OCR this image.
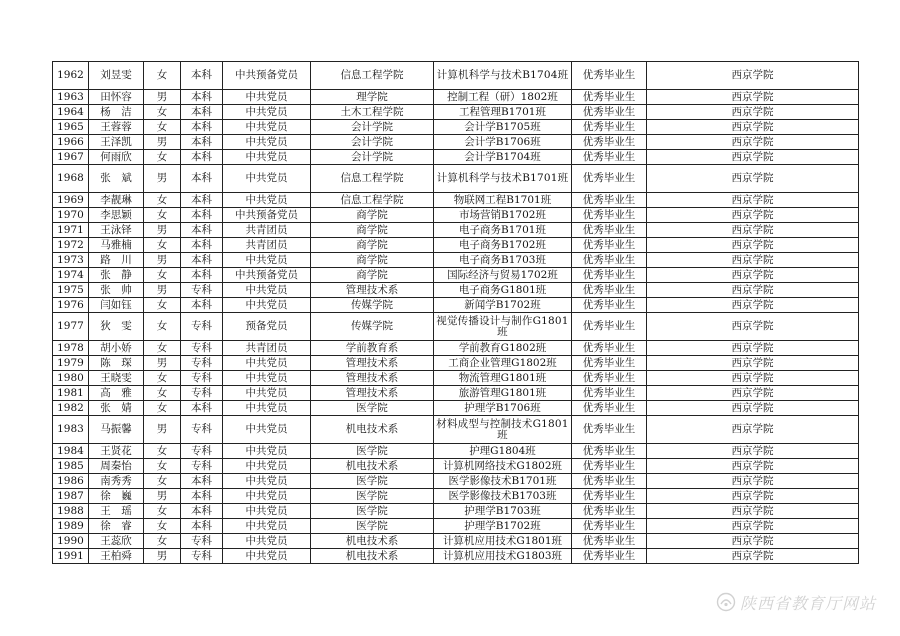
1962	刘昱雯	女	本科	中共预备党员	信息工程学院	计算机科学与技术B1704班	优秀毕业生	西京学院
1963	田怀容	男	本科	中共党员	理学院	控制工程（研）1802班	优秀毕业生	西京学院
1964	杨　洁	女	本科	中共党员	土木工程学院	工程管理B1701班	优秀毕业生	西京学院
1965	王蓉蓉	女	本科	中共党员	会计学院	会计学B1705班	优秀毕业生	西京学院
1966	王泽凯	男	本科	中共党员	会计学院	会计学B1706班	优秀毕业生	西京学院
1967	何雨欣	女	本科	中共党员	会计学院	会计学B1704班	优秀毕业生	西京学院
1968	张　斌	男	本科	中共党员	信息工程学院	计算机科学与技术B1701班	优秀毕业生	西京学院
1969	李靓琳	女	本科	中共党员	信息工程学院	物联网工程B1701班	优秀毕业生	西京学院
1970	李思颖	女	本科	中共预备党员	商学院	市场营销B1702班	优秀毕业生	西京学院
1971	王泳铎	男	本科	共青团员	商学院	电子商务B1701班	优秀毕业生	西京学院
1972	马雅楠	女	本科	共青团员	商学院	电子商务B1702班	优秀毕业生	西京学院
1973	路　川	男	本科	中共党员	商学院	电子商务B1703班	优秀毕业生	西京学院
1974	张　静	女	本科	中共预备党员	商学院	国际经济与贸易1702班	优秀毕业生	西京学院
1975	张　帅	男	专科	中共党员	管理技术系	电子商务G1801班	优秀毕业生	西京学院
1976	闫如钰	女	本科	中共党员	传媒学院	新闻学B1702班	优秀毕业生	西京学院
1977	狄　雯	女	专科	预备党员	传媒学院	视觉传播设计与制作G1801班	优秀毕业生	西京学院
1978	胡小娇	女	专科	共青团员	学前教育系	学前教育G1802班	优秀毕业生	西京学院
1979	陈　琛	男	专科	中共党员	管理技术系	工商企业管理G1802班	优秀毕业生	西京学院
1980	王晓雯	女	专科	中共党员	管理技术系	物流管理G1801班	优秀毕业生	西京学院
1981	高　雅	女	专科	中共党员	管理技术系	旅游管理G1801班	优秀毕业生	西京学院
1982	张　婧	女	本科	中共党员	医学院	护理学B1706班	优秀毕业生	西京学院
1983	马振馨	男	专科	中共党员	机电技术系	材料成型与控制技术G1801班	优秀毕业生	西京学院
1984	王贤花	女	专科	中共党员	医学院	护理G1804班	优秀毕业生	西京学院
1985	周秦怡	女	专科	中共党员	机电技术系	计算机网络技术G1802班	优秀毕业生	西京学院
1986	南秀秀	女	本科	中共党员	医学院	医学影像技术B1701班	优秀毕业生	西京学院
1987	徐　巍	男	本科	中共党员	医学院	医学影像技术B1703班	优秀毕业生	西京学院
1988	王　瑶	女	本科	中共党员	医学院	护理学B1703班	优秀毕业生	西京学院
1989	徐　睿	女	本科	中共党员	医学院	护理学B1702班	优秀毕业生	西京学院
1990	王蕊欣	女	专科	中共党员	机电技术系	计算机应用技术G1801班	优秀毕业生	西京学院
1991	王柏舜	男	专科	中共党员	机电技术系	计算机应用技术G1803班	优秀毕业生	西京学院
陕西省教育厅网站
